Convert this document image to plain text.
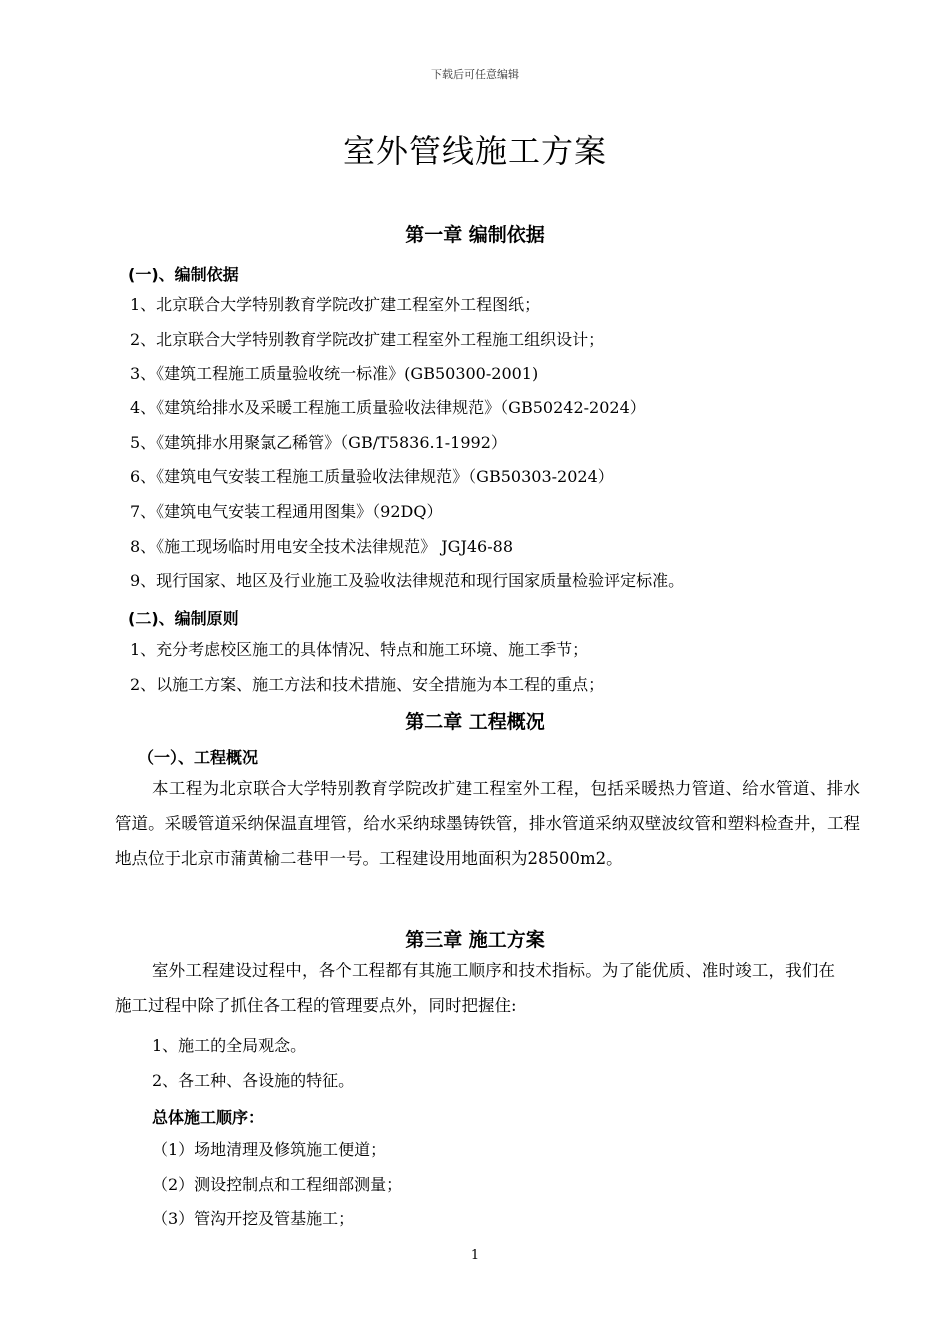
下载后可任意编辑
室外管线施工方案
第一章 编制依据
(一)、编制依据
1、北京联合大学特别教育学院改扩建工程室外工程图纸；
2、北京联合大学特别教育学院改扩建工程室外工程施工组织设计；
3、《建筑工程施工质量验收统一标准》(GB50300-2001)
4、《建筑给排水及采暖工程施工质量验收法律规范》（GB50242-2024）
5、《建筑排水用聚氯乙稀管》（GB/T5836.1-1992）
6、《建筑电气安装工程施工质量验收法律规范》（GB50303-2024）
7、《建筑电气安装工程通用图集》（92DQ）
8、《施工现场临时用电安全技术法律规范》 JGJ46-88
9、现行国家、地区及行业施工及验收法律规范和现行国家质量检验评定标准。
(二)、编制原则
1、充分考虑校区施工的具体情况、特点和施工环境、施工季节；
2、以施工方案、施工方法和技术措施、安全措施为本工程的重点；
第二章 工程概况
（一）、工程概况
本工程为北京联合大学特别教育学院改扩建工程室外工程，包括采暖热力管道、给水管道、排水管道。采暖管道采纳保温直埋管，给水采纳球墨铸铁管，排水管道采纳双壁波纹管和塑料检查井，工程地点位于北京市蒲黄榆二巷甲一号。工程建设用地面积为28500m2。
第三章 施工方案
室外工程建设过程中，各个工程都有其施工顺序和技术指标。为了能优质、准时竣工，我们在施工过程中除了抓住各工程的管理要点外，同时把握住:
1、施工的全局观念。
2、各工种、各设施的特征。
总体施工顺序：
（1）场地清理及修筑施工便道；
（2）测设控制点和工程细部测量；
（3）管沟开挖及管基施工；
1
